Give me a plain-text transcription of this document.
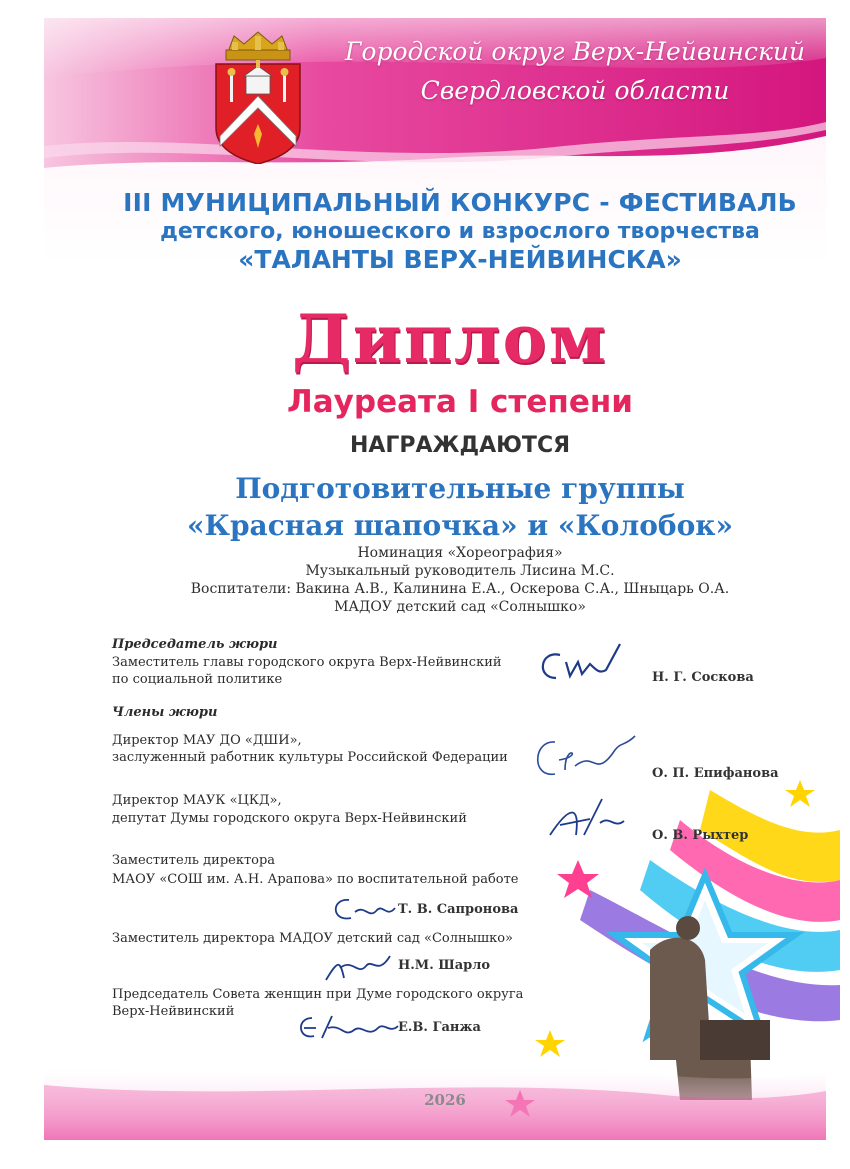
Городской округ Верх-Нейвинский
Свердловской области
III МУНИЦИПАЛЬНЫЙ КОНКУРС - ФЕСТИВАЛЬ
детского, юношеского и взрослого творчества
«ТАЛАНТЫ ВЕРХ-НЕЙВИНСКА»
Диплом
Лауреата I степени
НАГРАЖДАЮТСЯ
Подготовительные группы
«Красная шапочка» и «Колобок»
Номинация «Хореография»
Музыкальный руководитель Лисина М.С.
Воспитатели: Вакина А.В., Калинина Е.А., Оскерова С.А., Шныцарь О.А.
МАДОУ детский сад «Солнышко»
Председатель жюри
Заместитель главы городского округа Верх-Нейвинский
по социальной политике	Н. Г. Соскова
Члены жюри
Директор МАУ ДО «ДШИ»,
заслуженный работник культуры Российской Федерации
О. П. Епифанова
Директор МАУК «ЦКД»,
депутат Думы городского округа Верх-Нейвинский
О. В. Рыхтер
Заместитель директора
МАОУ «СОШ им. А.Н. Арапова» по воспитательной работе
Т. В. Сапронова
Заместитель директора МАДОУ детский сад «Солнышко»
Н.М. Шарло
Председатель Совета женщин при Думе городского округа
Верх-Нейвинский
Е.В. Ганжа
2026
